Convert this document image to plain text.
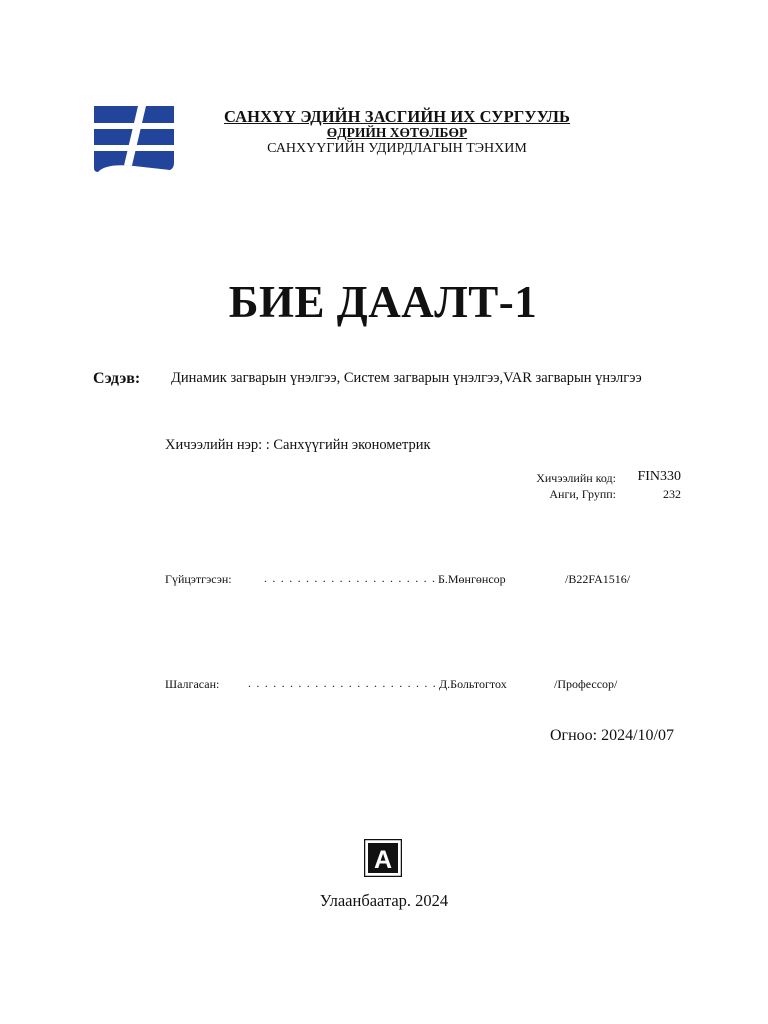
САНХҮҮ ЭДИЙН ЗАСГИЙН ИХ СУРГУУЛЬ
ӨДРИЙН ХӨТӨЛБӨР
САНХҮҮГИЙН УДИРДЛАГЫН ТЭНХИМ
БИЕ ДААЛТ-1
Сэдэв: Динамик загварын үнэлгээ, Систем загварын үнэлгээ,VAR загварын үнэлгээ
Хичээлийн нэр: : Санхүүгийн эконометрик
Хичээлийн код:	FIN330
Анги, Групп:	232
Гүйцэтгэсэн:	. . . . . . . . . . . . . . . . . . . . . Б.Мөнгөнсор	/B22FA1516/
Шалгасан: . . . . . . . . . . . . . . . . . . . . . . . Д.Больтогтох	/Профессор/
Огноо: 2024/10/07
A
Улаанбаатар. 2024
